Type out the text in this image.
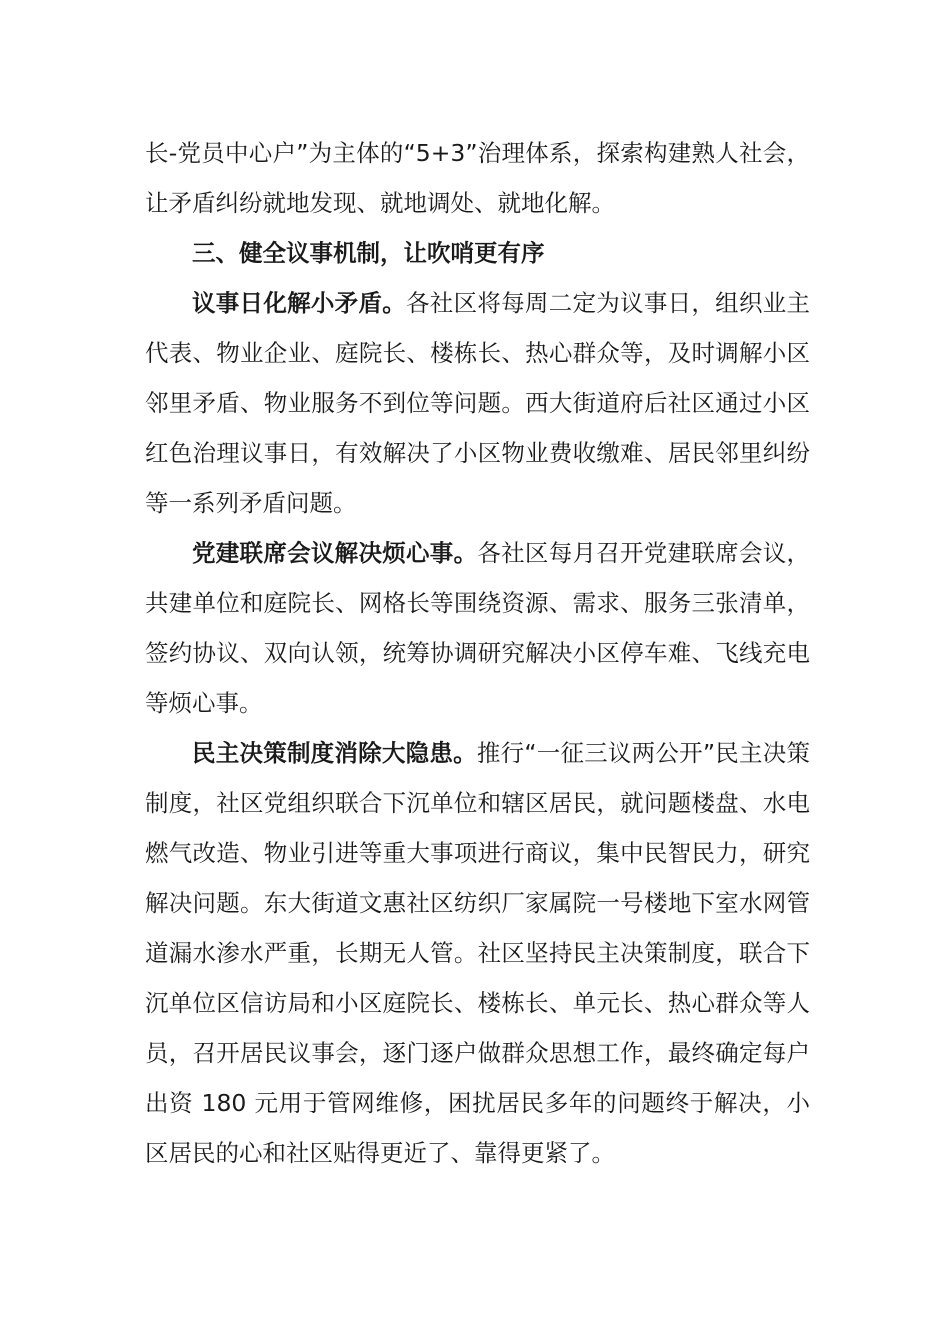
长-党员中心户”为主体的“5+3”治理体系，探索构建熟人社会，让矛盾纠纷就地发现、就地调处、就地化解。

三、健全议事机制，让吹哨更有序

议事日化解小矛盾。各社区将每周二定为议事日，组织业主代表、物业企业、庭院长、楼栋长、热心群众等，及时调解小区邻里矛盾、物业服务不到位等问题。西大街道府后社区通过小区红色治理议事日，有效解决了小区物业费收缴难、居民邻里纠纷等一系列矛盾问题。

党建联席会议解决烦心事。各社区每月召开党建联席会议，共建单位和庭院长、网格长等围绕资源、需求、服务三张清单，签约协议、双向认领，统筹协调研究解决小区停车难、飞线充电等烦心事。

民主决策制度消除大隐患。推行“一征三议两公开”民主决策制度，社区党组织联合下沉单位和辖区居民，就问题楼盘、水电燃气改造、物业引进等重大事项进行商议，集中民智民力，研究解决问题。东大街道文惠社区纺织厂家属院一号楼地下室水网管道漏水渗水严重，长期无人管。社区坚持民主决策制度，联合下沉单位区信访局和小区庭院长、楼栋长、单元长、热心群众等人员，召开居民议事会，逐门逐户做群众思想工作，最终确定每户出资 180 元用于管网维修，困扰居民多年的问题终于解决，小区居民的心和社区贴得更近了、靠得更紧了。
